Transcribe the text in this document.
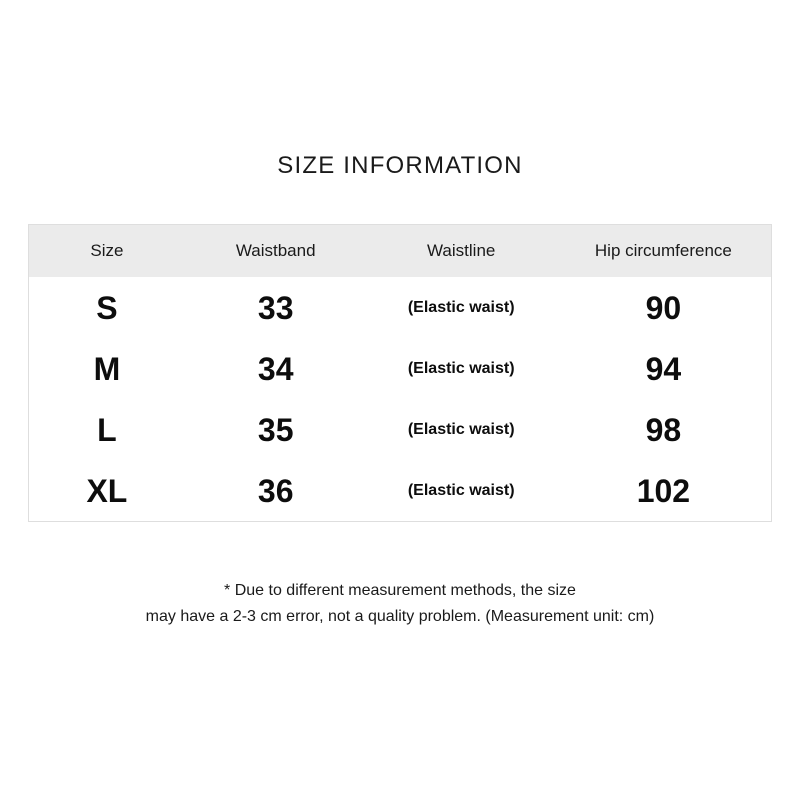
SIZE INFORMATION
Size	Waistband	Waistline	Hip circumference
S	33	(Elastic waist)	90
M	34	(Elastic waist)	94
L	35	(Elastic waist)	98
XL	36	(Elastic waist)	102
* Due to different measurement methods, the size
may have a 2-3 cm error, not a quality problem. (Measurement unit: cm)
